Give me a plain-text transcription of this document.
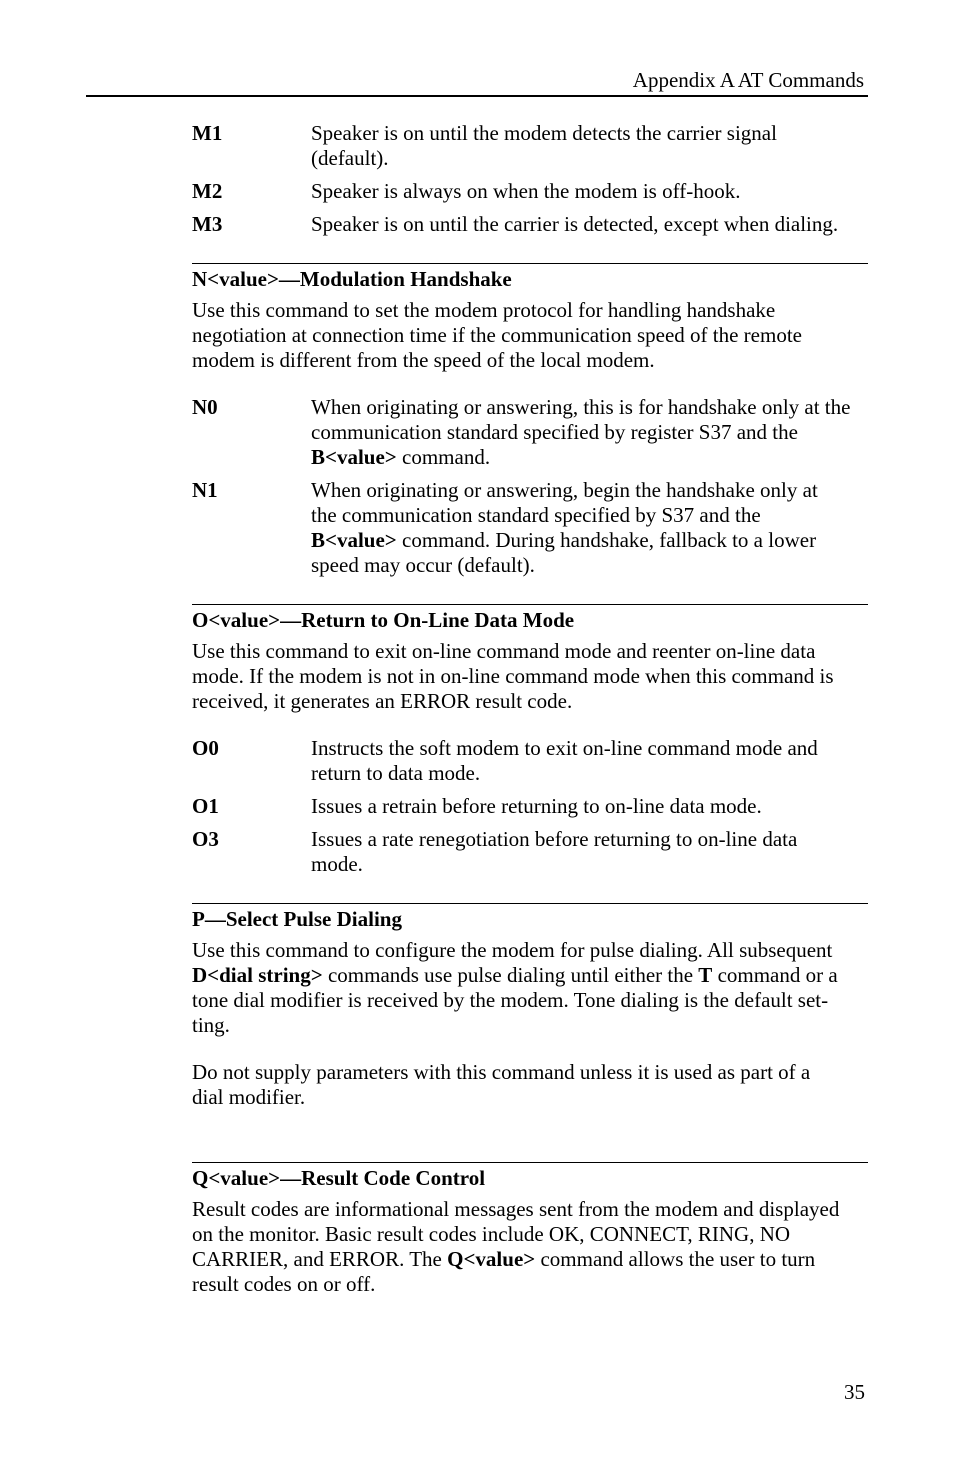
Appendix A AT Commands
M1	Speaker is on until the modem detects the carrier signal (default).
M2	Speaker is always on when the modem is off-hook.
M3	Speaker is on until the carrier is detected, except when dialing.
N<value>—Modulation Handshake
Use this command to set the modem protocol for handling handshake negotiation at connection time if the communication speed of the remote modem is different from the speed of the local modem.
N0	When originating or answering, this is for handshake only at the communication standard specified by register S37 and the B<value> command.
N1	When originating or answering, begin the handshake only at the communication standard specified by S37 and the B<value> command. During handshake, fallback to a lower speed may occur (default).
O<value>—Return to On-Line Data Mode
Use this command to exit on-line command mode and reenter on-line data mode. If the modem is not in on-line command mode when this command is received, it generates an ERROR result code.
O0	Instructs the soft modem to exit on-line command mode and return to data mode.
O1	Issues a retrain before returning to on-line data mode.
O3	Issues a rate renegotiation before returning to on-line data mode.
P—Select Pulse Dialing
Use this command to configure the modem for pulse dialing. All subsequent D<dial string> commands use pulse dialing until either the T command or a tone dial modifier is received by the modem. Tone dialing is the default set-ting.
Do not supply parameters with this command unless it is used as part of a dial modifier.
Q<value>—Result Code Control
Result codes are informational messages sent from the modem and displayed on the monitor. Basic result codes include OK, CONNECT, RING, NO CARRIER, and ERROR. The Q<value> command allows the user to turn result codes on or off.
35
